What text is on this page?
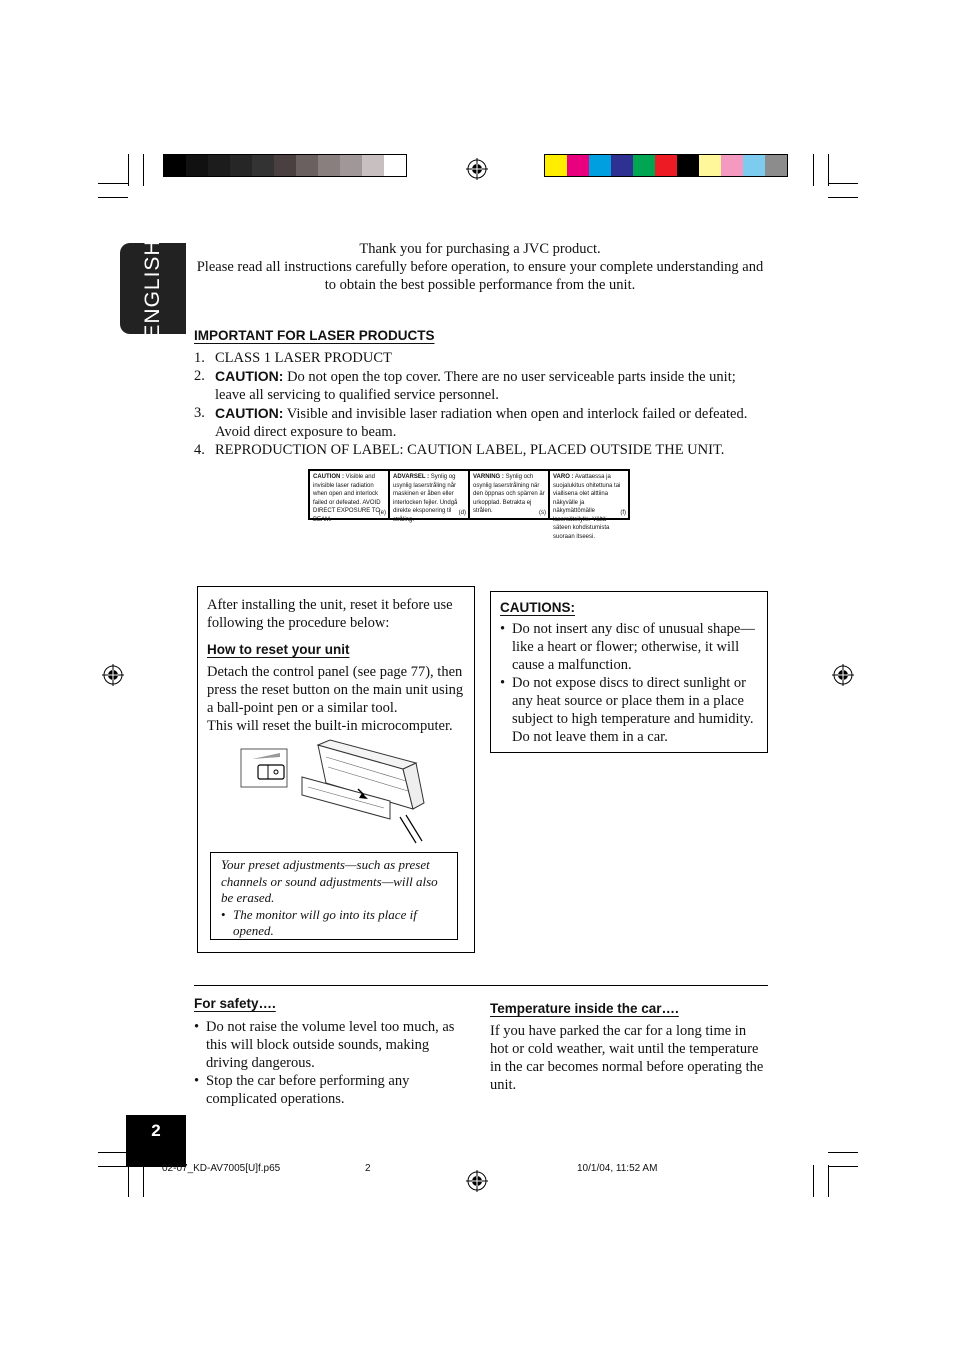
ENGLISH	Thank you for purchasing a JVC product.
Please read all instructions carefully before operation, to ensure your complete understanding and
to obtain the best possible performance from the unit.
IMPORTANT FOR LASER PRODUCTS
1. CLASS 1 LASER PRODUCT
2. CAUTION: Do not open the top cover. There are no user serviceable parts inside the unit; leave all servicing to qualified service personnel.
3. CAUTION: Visible and invisible laser radiation when open and interlock failed or defeated. Avoid direct exposure to beam.
4. REPRODUCTION OF LABEL: CAUTION LABEL, PLACED OUTSIDE THE UNIT.
CAUTION : Visible and invisible laser radiation when open and interlock failed or defeated. AVOID DIRECT EXPOSURE TO BEAM.
(e)
ADVARSEL : Synlig og usynlig laserstråling når maskinen er åben eller interlocken fejler. Undgå direkte eksponering til stråling.
(d)
VARNING : Synlig och osynlig laserstrålning när den öppnas och spärren är urkopplad. Betrakta ej strålen.	(s)
VARO : Avattaessa ja suojalukitus ohitettuna tai viallisena olet alttiina näkyvälle ja näkymättömälle lasersäteilylle. Vältä säteen kohdistumista suoraan itseesi.
(f)
After installing the unit, reset it before use following the procedure below:
How to reset your unit
Detach the control panel (see page 77), then press the reset button on the main unit using a ball-point pen or a similar tool.
This will reset the built-in microcomputer.
Your preset adjustments—such as preset channels or sound adjustments—will also be erased.
• The monitor will go into its place if opened.
CAUTIONS:
• Do not insert any disc of unusual shape—like a heart or flower; otherwise, it will cause a malfunction.
• Do not expose discs to direct sunlight or any heat source or place them in a place subject to high temperature and humidity. Do not leave them in a car.
For safety….
• Do not raise the volume level too much, as this will block outside sounds, making driving dangerous.
• Stop the car before performing any complicated operations.
Temperature inside the car….
If you have parked the car for a long time in hot or cold weather, wait until the temperature in the car becomes normal before operating the unit.
2
02-07_KD-AV7005[U]f.p65	2	10/1/04, 11:52 AM
